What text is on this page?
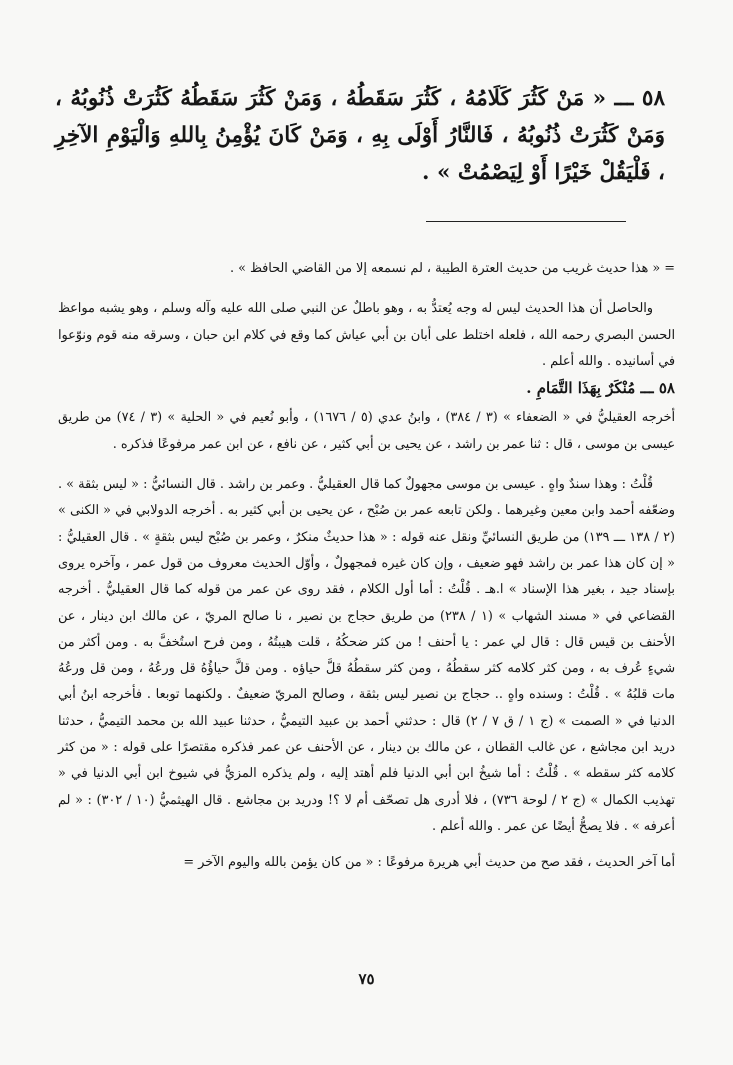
٥٨ ـــ « مَنْ كَثُرَ كَلَامُهُ ، كَثُرَ سَقَطُهُ ، وَمَنْ كَثُرَ سَقَطُهُ كَثُرَتْ ذُنُوبُهُ ، وَمَنْ كَثُرَتْ ذُنُوبُهُ ، فَالنَّارُ أَوْلَى بِهِ ، وَمَنْ كَانَ يُؤْمِنُ بِاللهِ وَالْيَوْمِ الآخِرِ ، فَلْيَقُلْ خَيْرًا أَوْ لِيَصْمُتْ » .

= « هذا حديث غريب من حديث العترة الطيبة ، لم نسمعه إلا من القاضي الحافظ » .

والحاصل أن هذا الحديث ليس له وجه يُعتدُّ به ، وهو باطلٌ عن النبي صلى الله عليه وآله وسلم ، وهو يشبه مواعظ الحسن البصري رحمه الله ، فلعله اختلط على أبان بن أبي عياش كما وقع في كلام ابن حبان ، وسرقه منه قوم ونوّعوا في أسانيده . والله أعلم .

٥٨ ـــ مُنْكَرٌ بِهَذَا التَّمَامِ .

أخرجه العقيليُّ في « الضعفاء » (٣ / ٣٨٤) ، وابنُ عدي (٥ / ١٦٧٦) ، وأبو نُعيم في « الحلية » (٣ / ٧٤) من طريق عيسى بن موسى ، قال : ثنا عمر بن راشد ، عن يحيى بن أبي كثير ، عن نافع ، عن ابن عمر مرفوعًا فذكره .

قُلْتُ : وهذا سندٌ واهٍ . عيسى بن موسى مجهولٌ كما قال العقيليُّ . وعمر بن راشد . قال النسائيُّ : « ليس بثقة » . وضعّفه أحمد وابن معين وغيرهما . ولكن تابعه عمر بن صُبْح ، عن يحيى بن أبي كثير به . أخرجه الدولابي في « الكنى » (٢ / ١٣٨ ـــ ١٣٩) من طريق النسائيِّ ونقل عنه قوله : « هذا حديثٌ منكرٌ ، وعمر بن صُبْح ليس بثقةٍ » . قال العقيليُّ : « إن كان هذا عمر بن راشد فهو ضعيف ، وإن كان غيره فمجهولٌ ، وأوّل الحديث معروف من قول عمر ، وآخره يروى بإسناد جيد ، بغير هذا الإسناد » ا.هـ . قُلْتُ : أما أول الكلام ، فقد روى عن عمر من قوله كما قال العقيليُّ . أخرجه القضاعي في « مسند الشهاب » (١ / ٢٣٨) من طريق حجاج بن نصير ، نا صالح المريّ ، عن مالك ابن دينار ، عن الأحنف بن قيس قال : قال لي عمر : يا أحنف ! من كثر ضحكُهُ ، قلت هيبتُهُ ، ومن فرح استُخفَّ به . ومن أكثر من شيءٍ عُرف به ، ومن كثر كلامه كثر سقطُهُ ، ومن كثر سقطُهُ قلَّ حياؤه . ومن قلَّ حياؤُهُ قل ورعُهُ ، ومن قل ورعُهُ مات قلبُهُ » . قُلْتُ : وسنده واهٍ .. حجاج بن نصير ليس بثقة ، وصالح المريّ ضعيفٌ . ولكنهما توبعا . فأخرجه ابنُ أبي الدنيا في « الصمت » (ج ١ / ق ٧ / ٢) قال : حدثني أحمد بن عبيد التيميُّ ، حدثنا عبيد الله بن محمد التيميُّ ، حدثنا دريد ابن مجاشع ، عن غالب القطان ، عن مالك بن دينار ، عن الأحنف عن عمر فذكره مقتصرًا على قوله : « من كثر كلامه كثر سقطه » . قُلْتُ : أما شيخُ ابن أبي الدنيا فلم أهتد إليه ، ولم يذكره المزيُّ في شيوخ ابن أبي الدنيا في « تهذيب الكمال » (ج ٢ / لوحة ٧٣٦) ، فلا أدرى هل تصحّف أم لا ؟! ودريد بن مجاشع . قال الهيثميُّ (١٠ / ٣٠٢) : « لم أعرفه » . فلا يصحُّ أيضًا عن عمر . والله أعلم .

أما آخر الحديث ، فقد صح من حديث أبي هريرة مرفوعًا : « من كان يؤمن بالله واليوم الآخر =

٧٥
